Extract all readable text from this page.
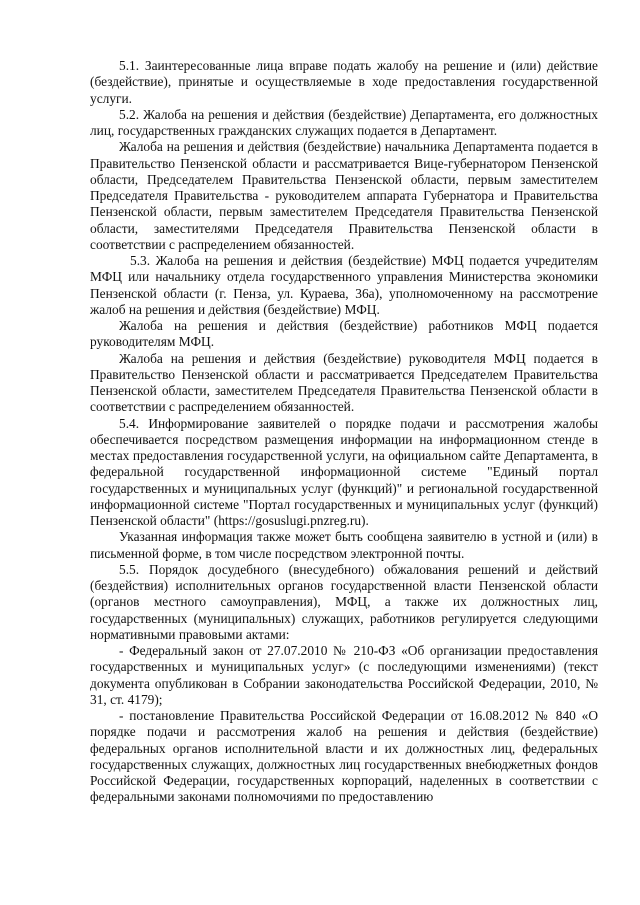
5.1. Заинтересованные лица вправе подать жалобу на решение и (или) действие (бездействие), принятые и осуществляемые в ходе предоставления государственной услуги.

5.2. Жалоба на решения и действия (бездействие) Департамента, его должностных лиц, государственных гражданских служащих подается в Департамент.

Жалоба на решения и действия (бездействие) начальника Департамента подается в Правительство Пензенской области и рассматривается Вице-губернатором Пензенской области, Председателем Правительства Пензенской области, первым заместителем Председателя Правительства - руководителем аппарата Губернатора и Правительства Пензенской области, первым заместителем Председателя Правительства Пензенской области, заместителями Председателя Правительства Пензенской области в соответствии с распределением обязанностей.

5.3. Жалоба на решения и действия (бездействие) МФЦ подается учредителям МФЦ или начальнику отдела государственного управления Министерства экономики Пензенской области (г. Пенза, ул. Кураева, 36а), уполномоченному на рассмотрение жалоб на решения и действия (бездействие) МФЦ.

Жалоба на решения и действия (бездействие) работников МФЦ подается руководителям МФЦ.

Жалоба на решения и действия (бездействие) руководителя МФЦ подается в Правительство Пензенской области и рассматривается Председателем Правительства Пензенской области, заместителем Председателя Правительства Пензенской области в соответствии с распределением обязанностей.

5.4. Информирование заявителей о порядке подачи и рассмотрения жалобы обеспечивается посредством размещения информации на информационном стенде в местах предоставления государственной услуги, на официальном сайте Департамента, в федеральной государственной информационной системе "Единый портал государственных и муниципальных услуг (функций)" и региональной государственной информационной системе "Портал государственных и муниципальных услуг (функций) Пензенской области" (https://gosuslugi.pnzreg.ru).

Указанная информация также может быть сообщена заявителю в устной и (или) в письменной форме, в том числе посредством электронной почты.

5.5. Порядок досудебного (внесудебного) обжалования решений и действий (бездействия) исполнительных органов государственной власти Пензенской области (органов местного самоуправления), МФЦ, а также их должностных лиц, государственных (муниципальных) служащих, работников регулируется следующими нормативными правовыми актами:

- Федеральный закон от 27.07.2010 № 210-ФЗ «Об организации предоставления государственных и муниципальных услуг» (с последующими изменениями) (текст документа опубликован в Собрании законодательства Российской Федерации, 2010, № 31, ст. 4179);

- постановление Правительства Российской Федерации от 16.08.2012 № 840 «О порядке подачи и рассмотрения жалоб на решения и действия (бездействие) федеральных органов исполнительной власти и их должностных лиц, федеральных государственных служащих, должностных лиц государственных внебюджетных фондов Российской Федерации, государственных корпораций, наделенных в соответствии с федеральными законами полномочиями по предоставлению
